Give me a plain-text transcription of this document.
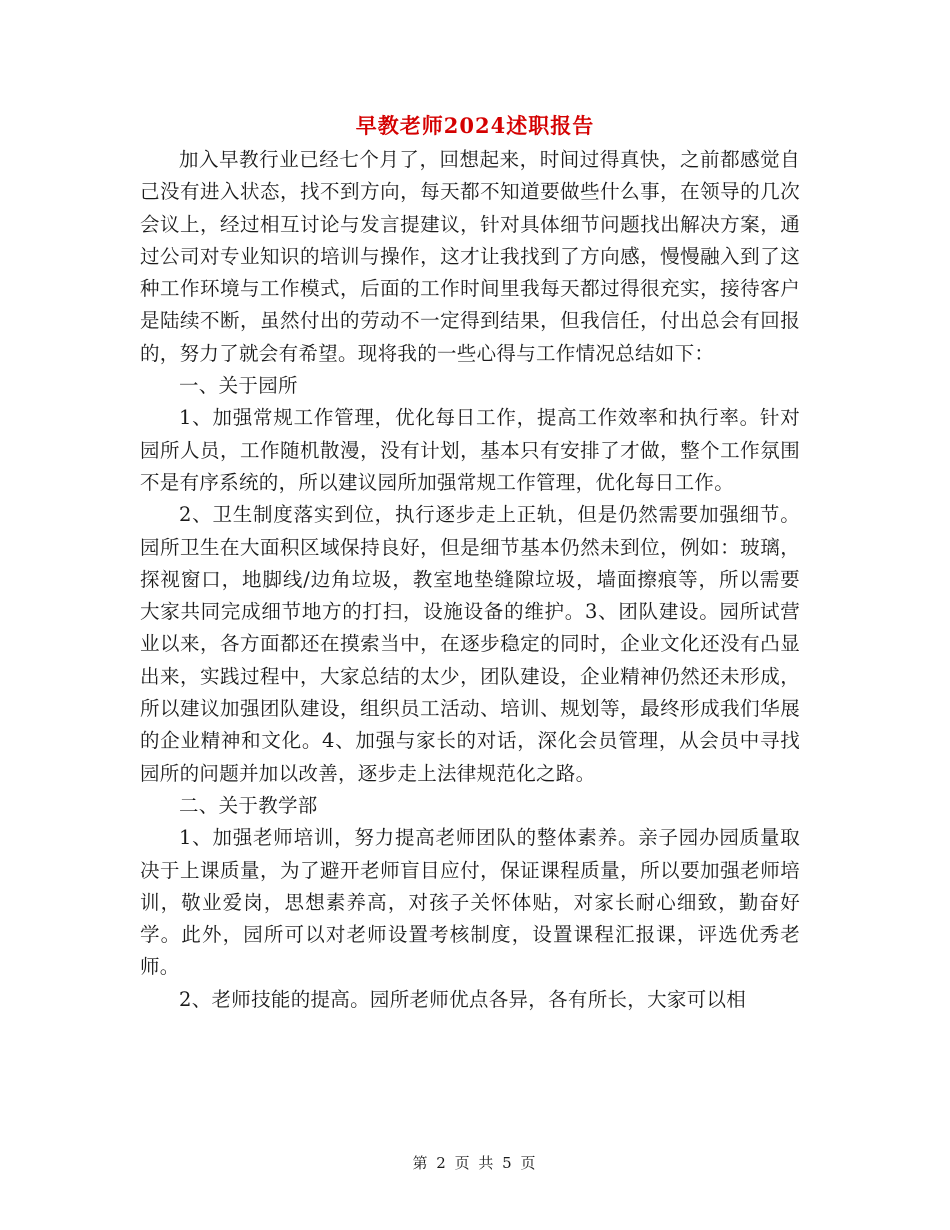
早教老师2024述职报告

加入早教行业已经七个月了，回想起来，时间过得真快，之前都感觉自己没有进入状态，找不到方向，每天都不知道要做些什么事，在领导的几次会议上，经过相互讨论与发言提建议，针对具体细节问题找出解决方案，通过公司对专业知识的培训与操作，这才让我找到了方向感，慢慢融入到了这种工作环境与工作模式，后面的工作时间里我每天都过得很充实，接待客户是陆续不断，虽然付出的劳动不一定得到结果，但我信任，付出总会有回报的，努力了就会有希望。现将我的一些心得与工作情况总结如下：

一、关于园所

1、加强常规工作管理，优化每日工作，提高工作效率和执行率。针对园所人员，工作随机散漫，没有计划，基本只有安排了才做，整个工作氛围不是有序系统的，所以建议园所加强常规工作管理，优化每日工作。

2、卫生制度落实到位，执行逐步走上正轨，但是仍然需要加强细节。园所卫生在大面积区域保持良好，但是细节基本仍然未到位，例如：玻璃，探视窗口，地脚线/边角垃圾，教室地垫缝隙垃圾，墙面擦痕等，所以需要大家共同完成细节地方的打扫，设施设备的维护。3、团队建设。园所试营业以来，各方面都还在摸索当中，在逐步稳定的同时，企业文化还没有凸显出来，实践过程中，大家总结的太少，团队建设，企业精神仍然还未形成，所以建议加强团队建设，组织员工活动、培训、规划等，最终形成我们华展的企业精神和文化。4、加强与家长的对话，深化会员管理，从会员中寻找园所的问题并加以改善，逐步走上法律规范化之路。

二、关于教学部

1、加强老师培训，努力提高老师团队的整体素养。亲子园办园质量取决于上课质量，为了避开老师盲目应付，保证课程质量，所以要加强老师培训，敬业爱岗，思想素养高，对孩子关怀体贴，对家长耐心细致，勤奋好学。此外，园所可以对老师设置考核制度，设置课程汇报课，评选优秀老师。

2、老师技能的提高。园所老师优点各异，各有所长，大家可以相

第 2 页 共 5 页
